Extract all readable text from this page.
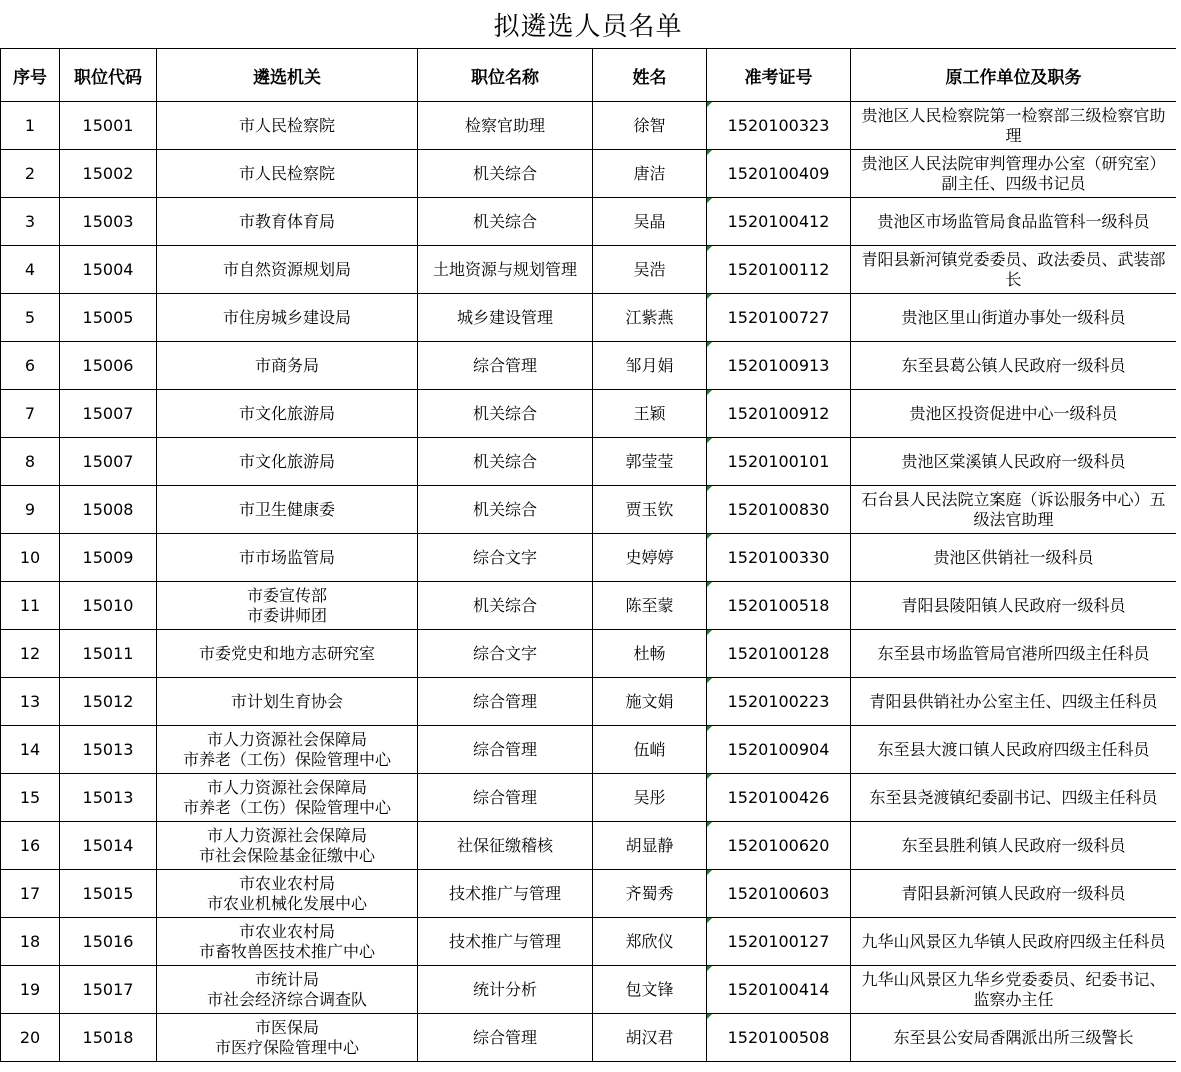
拟遴选人员名单
序号	职位代码	遴选机关	职位名称	姓名	准考证号	原工作单位及职务
1	15001	市人民检察院	检察官助理	徐智	1520100323	贵池区人民检察院第一检察部三级检察官助理
2	15002	市人民检察院	机关综合	唐洁	1520100409	贵池区人民法院审判管理办公室（研究室）副主任、四级书记员
3	15003	市教育体育局	机关综合	吴晶	1520100412	贵池区市场监管局食品监管科一级科员
4	15004	市自然资源规划局	土地资源与规划管理	吴浩	1520100112	青阳县新河镇党委委员、政法委员、武装部长
5	15005	市住房城乡建设局	城乡建设管理	江紫燕	1520100727	贵池区里山街道办事处一级科员
6	15006	市商务局	综合管理	邹月娟	1520100913	东至县葛公镇人民政府一级科员
7	15007	市文化旅游局	机关综合	王颖	1520100912	贵池区投资促进中心一级科员
8	15007	市文化旅游局	机关综合	郭莹莹	1520100101	贵池区棠溪镇人民政府一级科员
9	15008	市卫生健康委	机关综合	贾玉钦	1520100830	石台县人民法院立案庭（诉讼服务中心）五级法官助理
10	15009	市市场监管局	综合文字	史婷婷	1520100330	贵池区供销社一级科员
11	15010	市委宣传部
市委讲师团	机关综合	陈至蒙	1520100518	青阳县陵阳镇人民政府一级科员
12	15011	市委党史和地方志研究室	综合文字	杜畅	1520100128	东至县市场监管局官港所四级主任科员
13	15012	市计划生育协会	综合管理	施文娟	1520100223	青阳县供销社办公室主任、四级主任科员
14	15013	市人力资源社会保障局
市养老（工伤）保险管理中心	综合管理	伍峭	1520100904	东至县大渡口镇人民政府四级主任科员
15	15013	市人力资源社会保障局
市养老（工伤）保险管理中心	综合管理	吴彤	1520100426	东至县尧渡镇纪委副书记、四级主任科员
16	15014	市人力资源社会保障局
市社会保险基金征缴中心	社保征缴稽核	胡显静	1520100620	东至县胜利镇人民政府一级科员
17	15015	市农业农村局
市农业机械化发展中心	技术推广与管理	齐蜀秀	1520100603	青阳县新河镇人民政府一级科员
18	15016	市农业农村局
市畜牧兽医技术推广中心	技术推广与管理	郑欣仪	1520100127	九华山风景区九华镇人民政府四级主任科员
19	15017	市统计局
市社会经济综合调查队	统计分析	包文锋	1520100414	九华山风景区九华乡党委委员、纪委书记、监察办主任
20	15018	市医保局
市医疗保险管理中心	综合管理	胡汉君	1520100508	东至县公安局香隅派出所三级警长
